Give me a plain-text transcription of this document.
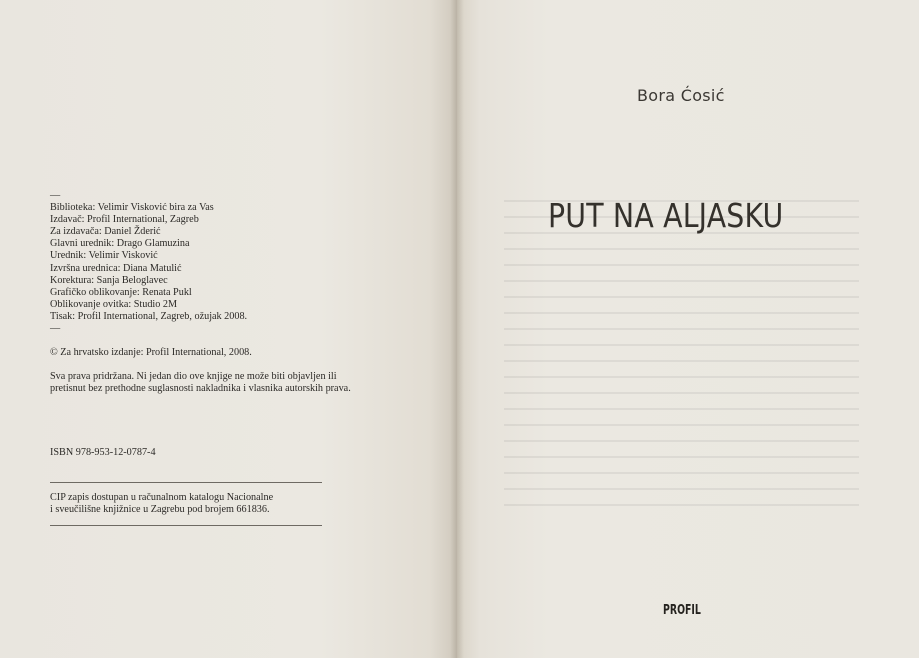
—
Biblioteka: Velimir Visković bira za Vas
Izdavač: Profil International, Zagreb
Za izdavača: Daniel Žderić
Glavni urednik: Drago Glamuzina
Urednik: Velimir Visković
Izvršna urednica: Diana Matulić
Korektura: Sanja Beloglavec
Grafičko oblikovanje: Renata Pukl
Oblikovanje ovitka: Studio 2M
Tisak: Profil International, Zagreb, ožujak 2008.
—
© Za hrvatsko izdanje: Profil International, 2008.
Sva prava pridržana. Ni jedan dio ove knjige ne može biti objavljen ili
pretisnut bez prethodne suglasnosti nakladnika i vlasnika autorskih prava.
ISBN 978-953-12-0787-4
CIP zapis dostupan u računalnom katalogu Nacionalne
i sveučilišne knjižnice u Zagrebu pod brojem 661836.
Bora Ćosić
PUT NA ALJASKU
PROFIL
